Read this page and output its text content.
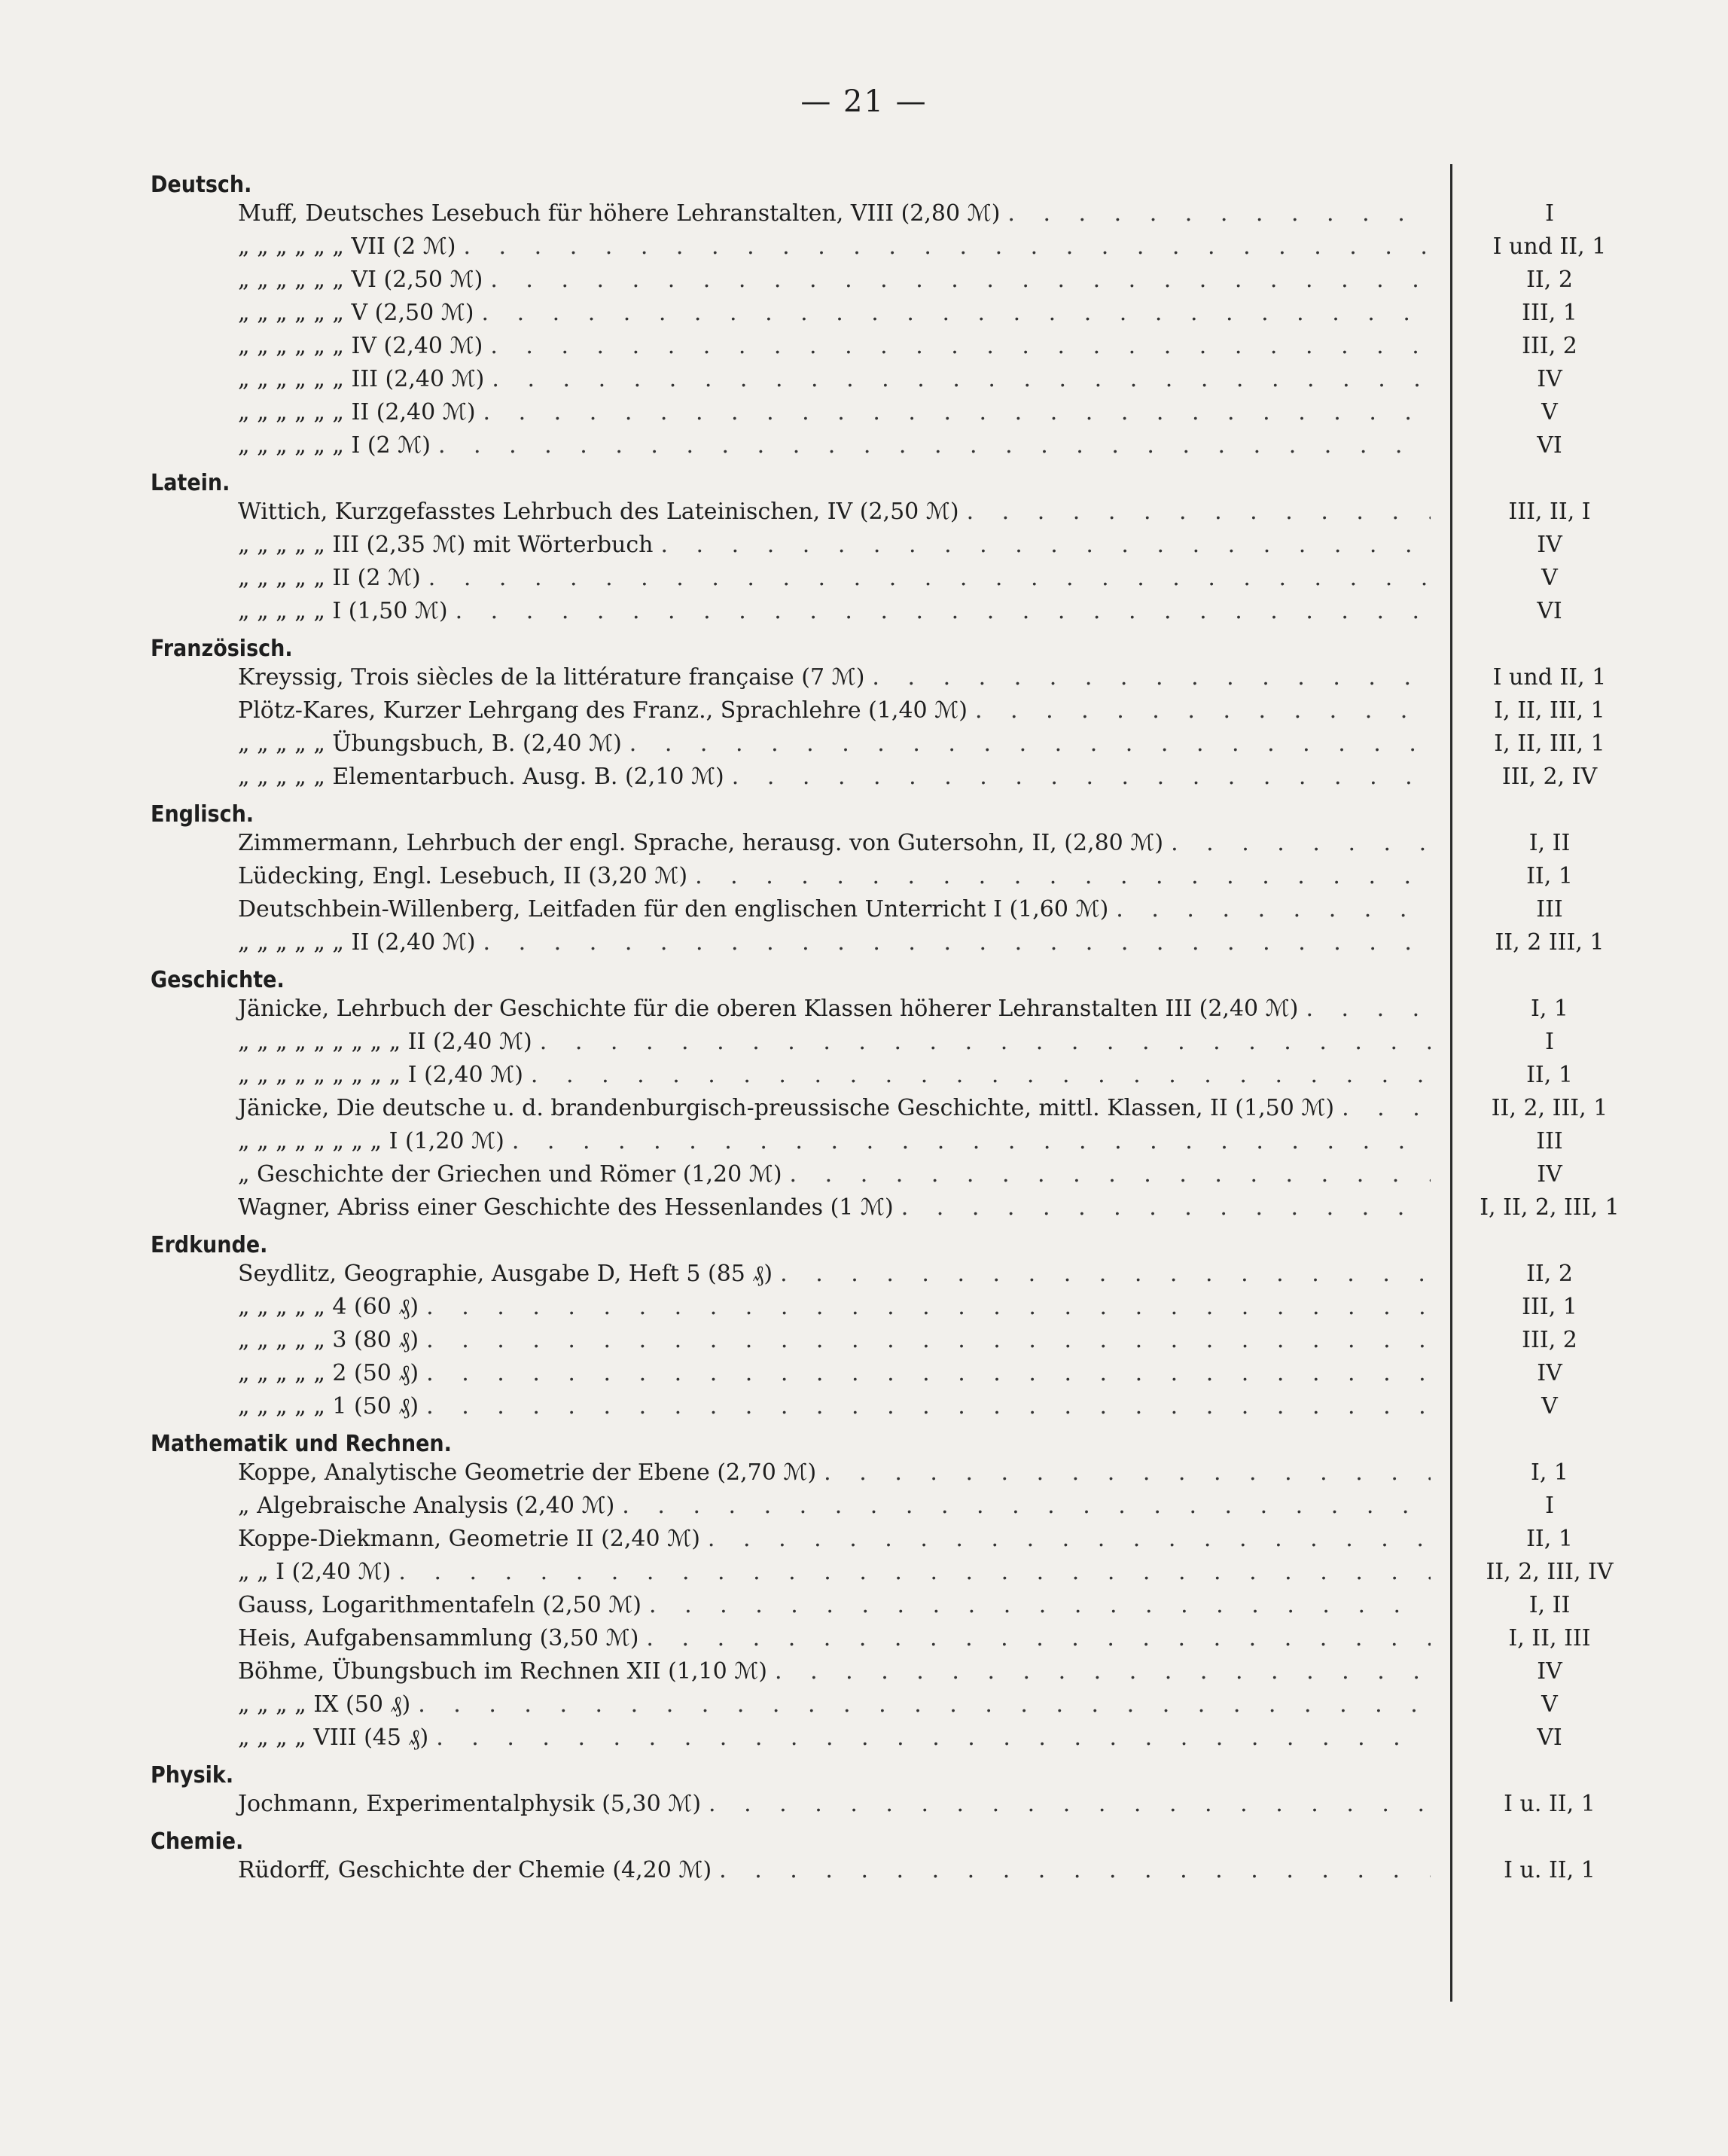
— 21 —
Deutsch.
Muff, Deutsches Lesebuch für höhere Lehranstalten, VIII (2,80 ℳ) . . .	I
„ „ „ „ „ „ VII (2 ℳ) . . .	I und II, 1
„ „ „ „ „ „ VI (2,50 ℳ) . . .	II, 2
„ „ „ „ „ „ V (2,50 ℳ) . . .	III, 1
„ „ „ „ „ „ IV (2,40 ℳ) . . .	III, 2
„ „ „ „ „ „ III (2,40 ℳ) . . .	IV
„ „ „ „ „ „ II (2,40 ℳ) . . .	V
„ „ „ „ „ „ I (2 ℳ) . . .	VI
Latein.
Wittich, Kurzgefasstes Lehrbuch des Lateinischen, IV (2,50 ℳ) . . .	III, II, I
„ „ „ „ „ III (2,35 ℳ) mit Wörterbuch . . .	IV
„ „ „ „ „ II (2 ℳ) . . .	V
„ „ „ „ „ I (1,50 ℳ) . . .	VI
Französisch.
Kreyssig, Trois siècles de la littérature française (7 ℳ) . . .	I und II, 1
Plötz-Kares, Kurzer Lehrgang des Franz., Sprachlehre (1,40 ℳ) . . .	I, II, III, 1
„ „ „ „ „ Übungsbuch, B. (2,40 ℳ) . . .	I, II, III, 1
„ „ „ „ „ Elementarbuch. Ausg. B. (2,10 ℳ) . . .	III, 2, IV
Englisch.
Zimmermann, Lehrbuch der engl. Sprache, herausg. von Gutersohn, II, (2,80 ℳ) . . .	I, II
Lüdecking, Engl. Lesebuch, II (3,20 ℳ) . . .	II, 1
Deutschbein-Willenberg, Leitfaden für den englischen Unterricht I (1,60 ℳ) . . .	III
„ „ „ „ „ „ II (2,40 ℳ) . . .	II, 2 III, 1
Geschichte.
Jänicke, Lehrbuch der Geschichte für die oberen Klassen höherer Lehranstalten III (2,40 ℳ) . . .	I, 1
„ „ „ „ „ „ „ „ „ II (2,40 ℳ) . . .	I
„ „ „ „ „ „ „ „ „ I (2,40 ℳ) . . .	II, 1
Jänicke, Die deutsche u. d. brandenburgisch-preussische Geschichte, mittl. Klassen, II (1,50 ℳ) . . .	II, 2, III, 1
„ „ „ „ „ „ „ „ I (1,20 ℳ) . . .	III
„ Geschichte der Griechen und Römer (1,20 ℳ) . . .	IV
Wagner, Abriss einer Geschichte des Hessenlandes (1 ℳ) . . .	I, II, 2, III, 1
Erdkunde.
Seydlitz, Geographie, Ausgabe D, Heft 5 (85 ₰) . . .	II, 2
„ „ „ „ „ 4 (60 ₰) . . .	III, 1
„ „ „ „ „ 3 (80 ₰) . . .	III, 2
„ „ „ „ „ 2 (50 ₰) . . .	IV
„ „ „ „ „ 1 (50 ₰) . . .	V
Mathematik und Rechnen.
Koppe, Analytische Geometrie der Ebene (2,70 ℳ) . . .	I, 1
„ Algebraische Analysis (2,40 ℳ) . . .	I
Koppe-Diekmann, Geometrie II (2,40 ℳ) . . .	II, 1
„ „ I (2,40 ℳ) . . .	II, 2, III, IV
Gauss, Logarithmentafeln (2,50 ℳ) . . .	I, II
Heis, Aufgabensammlung (3,50 ℳ) . . .	I, II, III
Böhme, Übungsbuch im Rechnen XII (1,10 ℳ) . . .	IV
„ „ „ „ IX (50 ₰) . . .	V
„ „ „ „ VIII (45 ₰) . . .	VI
Physik.
Jochmann, Experimentalphysik (5,30 ℳ) . . .	I u. II, 1
Chemie.
Rüdorff, Geschichte der Chemie (4,20 ℳ) . . .	I u. II, 1
